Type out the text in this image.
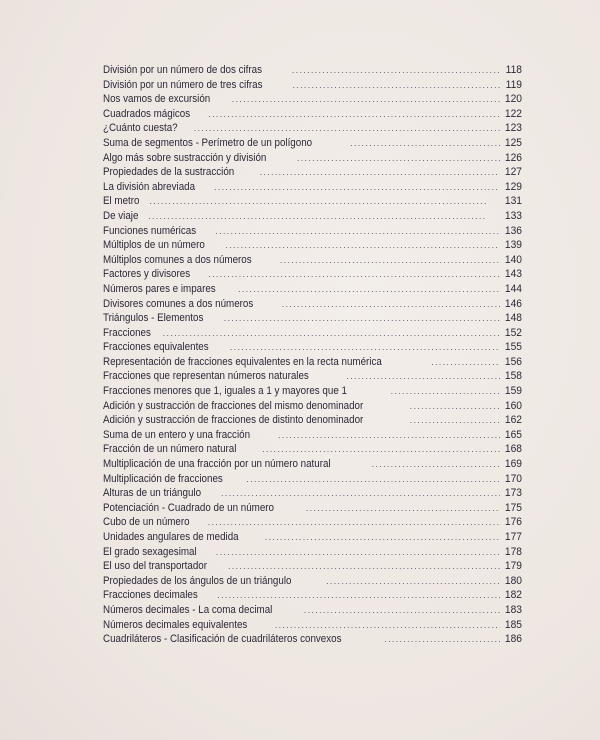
División por un número de dos cifras . . .	118
División por un número de tres cifras . . .	119
Nos vamos de excursión . . .	120
Cuadrados mágicos . . .	122
¿Cuánto cuesta? . . .	123
Suma de segmentos - Perímetro de un polígono . . .	125
Algo más sobre sustracción y división . . .	126
Propiedades de la sustracción . . .	127
La división abreviada . . .	129
El metro . . .	131
De viaje . . .	133
Funciones numéricas . . .	136
Múltiplos de un número . . .	139
Múltiplos comunes a dos números . . .	140
Factores y divisores . . .	143
Números pares e impares . . .	144
Divisores comunes a dos números . . .	146
Triángulos - Elementos . . .	148
Fracciones . . .	152
Fracciones equivalentes . . .	155
Representación de fracciones equivalentes en la recta numérica . . .	156
Fracciones que representan números naturales . . .	158
Fracciones menores que 1, iguales a 1 y mayores que 1 . . .	159
Adición y sustracción de fracciones del mismo denominador . . .	160
Adición y sustracción de fracciones de distinto denominador . . .	162
Suma de un entero y una fracción . . .	165
Fracción de un número natural . . .	168
Multiplicación de una fracción por un número natural . . .	169
Multiplicación de fracciones . . .	170
Alturas de un triángulo . . .	173
Potenciación - Cuadrado de un número . . .	175
Cubo de un número . . .	176
Unidades angulares de medida . . .	177
El grado sexagesimal . . .	178
El uso del transportador . . .	179
Propiedades de los ángulos de un triángulo . . .	180
Fracciones decimales . . .	182
Números decimales - La coma decimal . . .	183
Números decimales equivalentes . . .	185
Cuadriláteros - Clasificación de cuadriláteros convexos . . .	186
